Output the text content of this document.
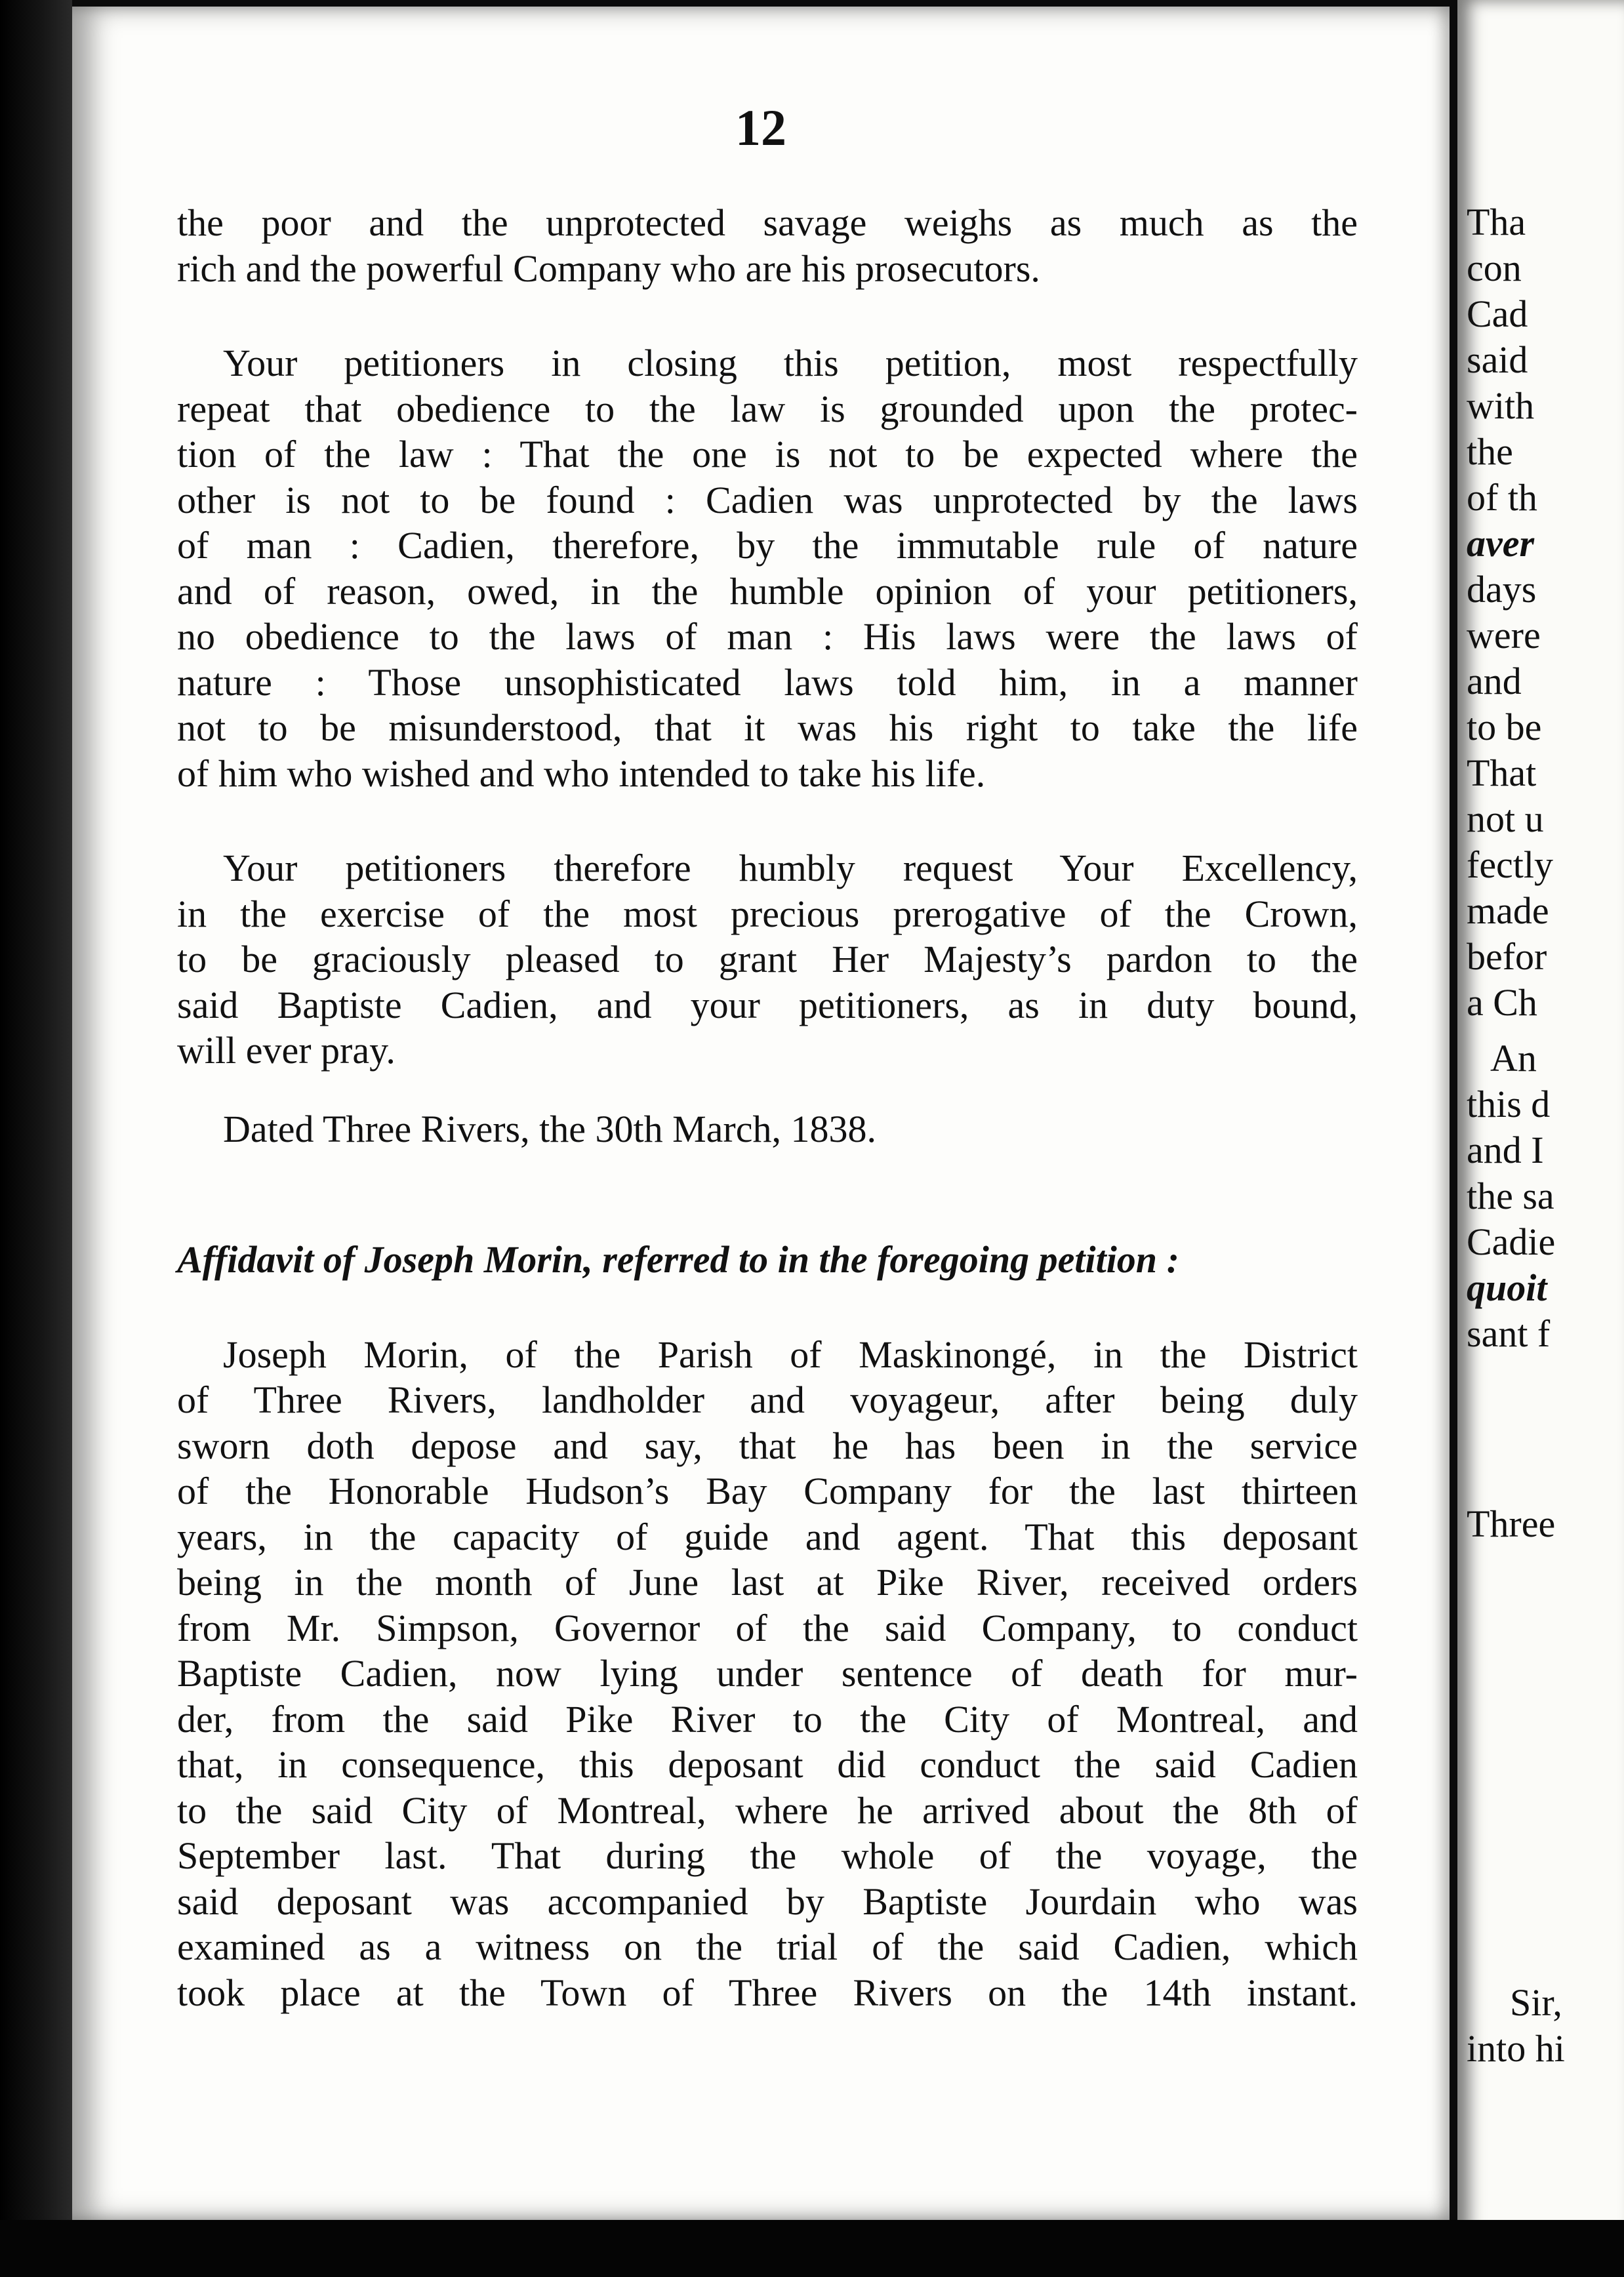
12
the poor and the unprotected savage weighs as much as the
rich and the powerful Company who are his prosecutors.
Your petitioners in closing this petition, most respectfully
repeat that obedience to the law is grounded upon the protec-
tion of the law : That the one is not to be expected where the
other is not to be found : Cadien was unprotected by the laws
of man : Cadien, therefore, by the immutable rule of nature
and of reason, owed, in the humble opinion of your petitioners,
no obedience to the laws of man : His laws were the laws of
nature : Those unsophisticated laws told him, in a manner
not to be misunderstood, that it was his right to take the life
of him who wished and who intended to take his life.
Your petitioners therefore humbly request Your Excellency,
in the exercise of the most precious prerogative of the Crown,
to be graciously pleased to grant Her Majesty’s pardon to the
said Baptiste Cadien, and your petitioners, as in duty bound,
will ever pray.
Dated Three Rivers, the 30th March, 1838.
Affidavit of Joseph Morin, referred to in the foregoing petition :
Joseph Morin, of the Parish of Maskinongé, in the District
of Three Rivers, landholder and voyageur, after being duly
sworn doth depose and say, that he has been in the service
of the Honorable Hudson’s Bay Company for the last thirteen
years, in the capacity of guide and agent. That this deposant
being in the month of June last at Pike River, received orders
from Mr. Simpson, Governor of the said Company, to conduct
Baptiste Cadien, now lying under sentence of death for mur-
der, from the said Pike River to the City of Montreal, and
that, in consequence, this deposant did conduct the said Cadien
to the said City of Montreal, where he arrived about the 8th of
September last. That during the whole of the voyage, the
said deposant was accompanied by Baptiste Jourdain who was
examined as a witness on the trial of the said Cadien, which
took place at the Town of Three Rivers on the 14th instant.
Tha
con
Cad
said
with
the
of th
aver
days
were
and
to be
That
not u
fectly
made
befor
a Ch
An
this d
and I
the sa
Cadie
quoit
sant f
Three
Sir,
into hi
